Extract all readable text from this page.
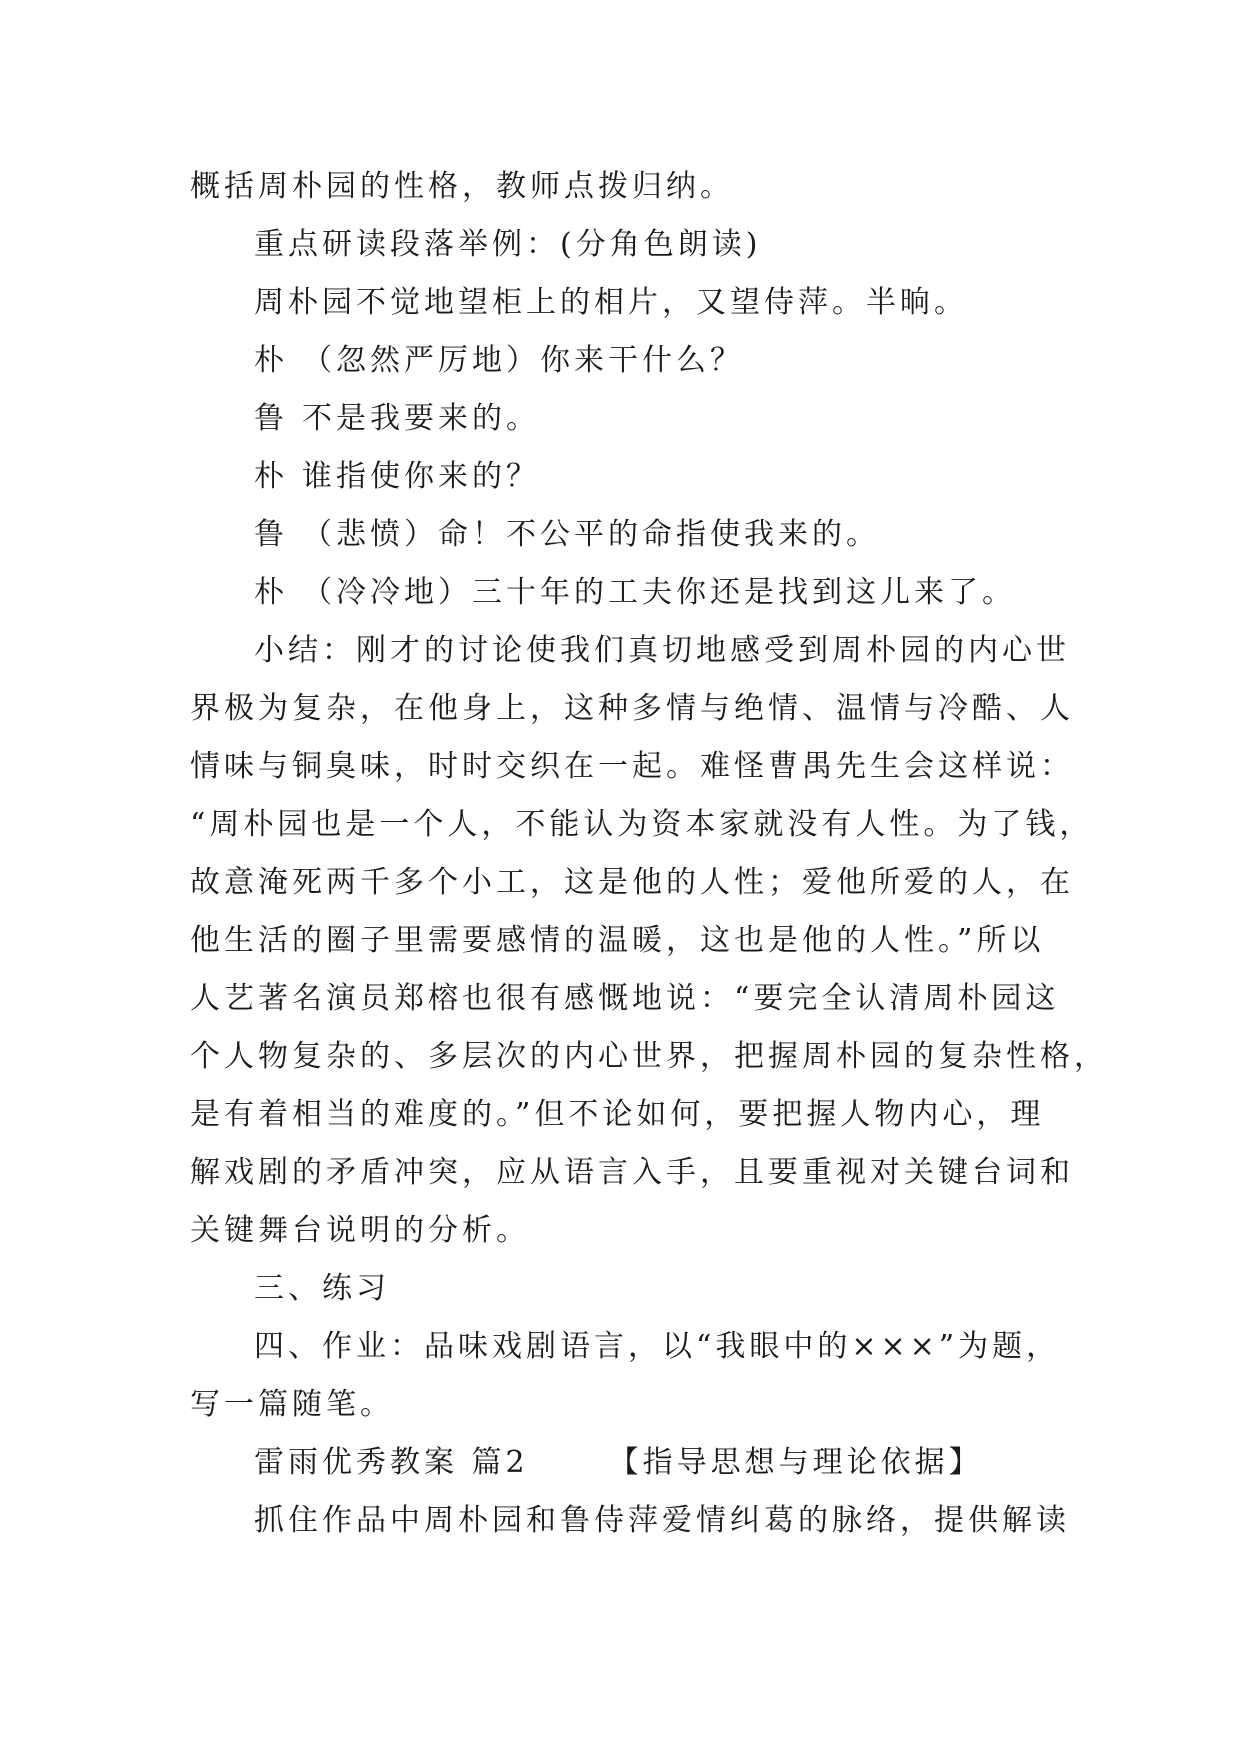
概括周朴园的性格，教师点拨归纳。

重点研读段落举例：(分角色朗读)

周朴园不觉地望柜上的相片，又望侍萍。半晌。

朴 （忽然严厉地）你来干什么？

鲁 不是我要来的。

朴 谁指使你来的？

鲁 （悲愤）命！不公平的命指使我来的。

朴 （冷冷地）三十年的工夫你还是找到这儿来了。

小结：刚才的讨论使我们真切地感受到周朴园的内心世

界极为复杂，在他身上，这种多情与绝情、温情与冷酷、人

情味与铜臭味，时时交织在一起。难怪曹禺先生会这样说：

“周朴园也是一个人，不能认为资本家就没有人性。为了钱，

故意淹死两千多个小工，这是他的人性；爱他所爱的人，在

他生活的圈子里需要感情的温暖，这也是他的人性。”所以

人艺著名演员郑榕也很有感慨地说：“要完全认清周朴园这

个人物复杂的、多层次的内心世界，把握周朴园的复杂性格，

是有着相当的难度的。”但不论如何，要把握人物内心，理

解戏剧的矛盾冲突，应从语言入手，且要重视对关键台词和

关键舞台说明的分析。

三、练习

四、作业：品味戏剧语言，以“我眼中的×××”为题，

写一篇随笔。

雷雨优秀教案 篇2	【指导思想与理论依据】

抓住作品中周朴园和鲁侍萍爱情纠葛的脉络，提供解读
